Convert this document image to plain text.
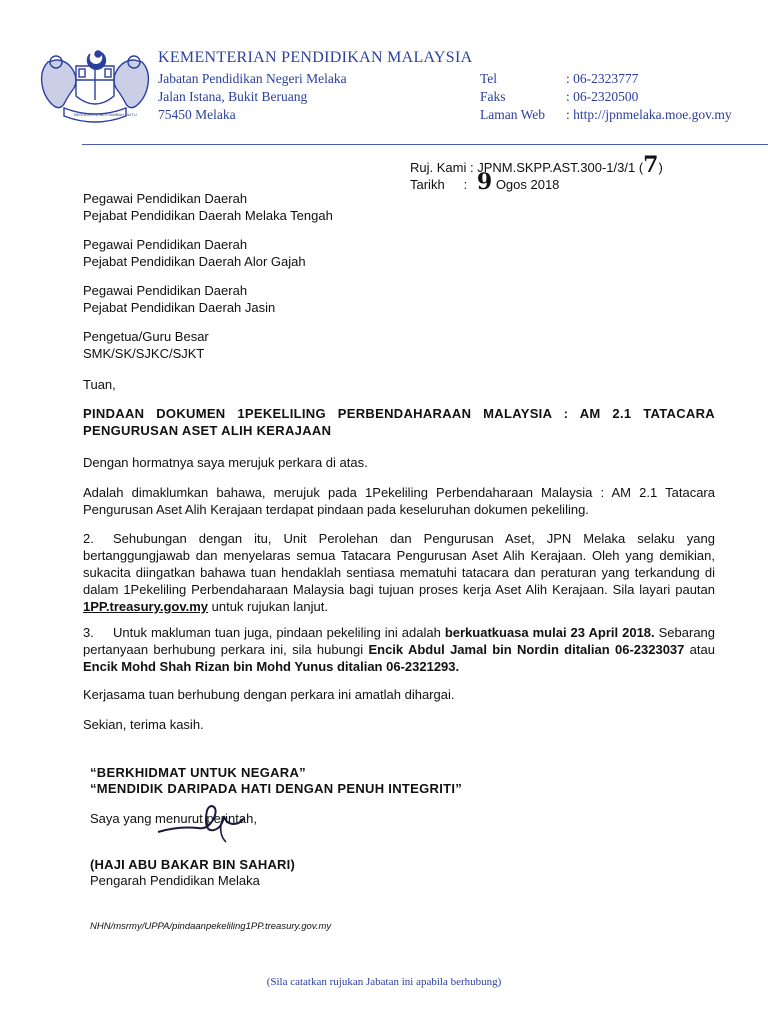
BERSEKUTU BERTAMBAH MUTU
KEMENTERIAN PENDIDIKAN MALAYSIA
Jabatan Pendidikan Negeri Melaka
Jalan Istana, Bukit Beruang
75450 Melaka
Tel
Faks
Laman Web
: 06-2323777
: 06-2320500
: http://jpnmelaka.moe.gov.my
Ruj. Kami : JPNM.SKPP.AST.300-1/3/1 (7)
Tarikh : 9 Ogos 2018
Pegawai Pendidikan Daerah
Pejabat Pendidikan Daerah Melaka Tengah
Pegawai Pendidikan Daerah
Pejabat Pendidikan Daerah Alor Gajah
Pegawai Pendidikan Daerah
Pejabat Pendidikan Daerah Jasin
Pengetua/Guru Besar
SMK/SK/SJKC/SJKT
Tuan,
PINDAAN DOKUMEN 1PEKELILING PERBENDAHARAAN MALAYSIA : AM 2.1 TATACARA PENGURUSAN ASET ALIH KERAJAAN
Dengan hormatnya saya merujuk perkara di atas.
Adalah dimaklumkan bahawa, merujuk pada 1Pekeliling Perbendaharaan Malaysia : AM 2.1 Tatacara Pengurusan Aset Alih Kerajaan terdapat pindaan pada keseluruhan dokumen pekeliling.
2. Sehubungan dengan itu, Unit Perolehan dan Pengurusan Aset, JPN Melaka selaku yang bertanggungjawab dan menyelaras semua Tatacara Pengurusan Aset Alih Kerajaan. Oleh yang demikian, sukacita diingatkan bahawa tuan hendaklah sentiasa mematuhi tatacara dan peraturan yang terkandung di dalam 1Pekeliling Perbendaharaan Malaysia bagi tujuan proses kerja Aset Alih Kerajaan. Sila layari pautan 1PP.treasury.gov.my untuk rujukan lanjut.
3. Untuk makluman tuan juga, pindaan pekeliling ini adalah berkuatkuasa mulai 23 April 2018. Sebarang pertanyaan berhubung perkara ini, sila hubungi Encik Abdul Jamal bin Nordin ditalian 06-2323037 atau Encik Mohd Shah Rizan bin Mohd Yunus ditalian 06-2321293.
Kerjasama tuan berhubung dengan perkara ini amatlah dihargai.
Sekian, terima kasih.
“BERKHIDMAT UNTUK NEGARA”
“MENDIDIK DARIPADA HATI DENGAN PENUH INTEGRITI”
Saya yang menurut perintah,
(HAJI ABU BAKAR BIN SAHARI)
Pengarah Pendidikan Melaka
NHN/msrmy/UPPA/pindaanpekeliling1PP.treasury.gov.my
(Sila catatkan rujukan Jabatan ini apabila berhubung)
